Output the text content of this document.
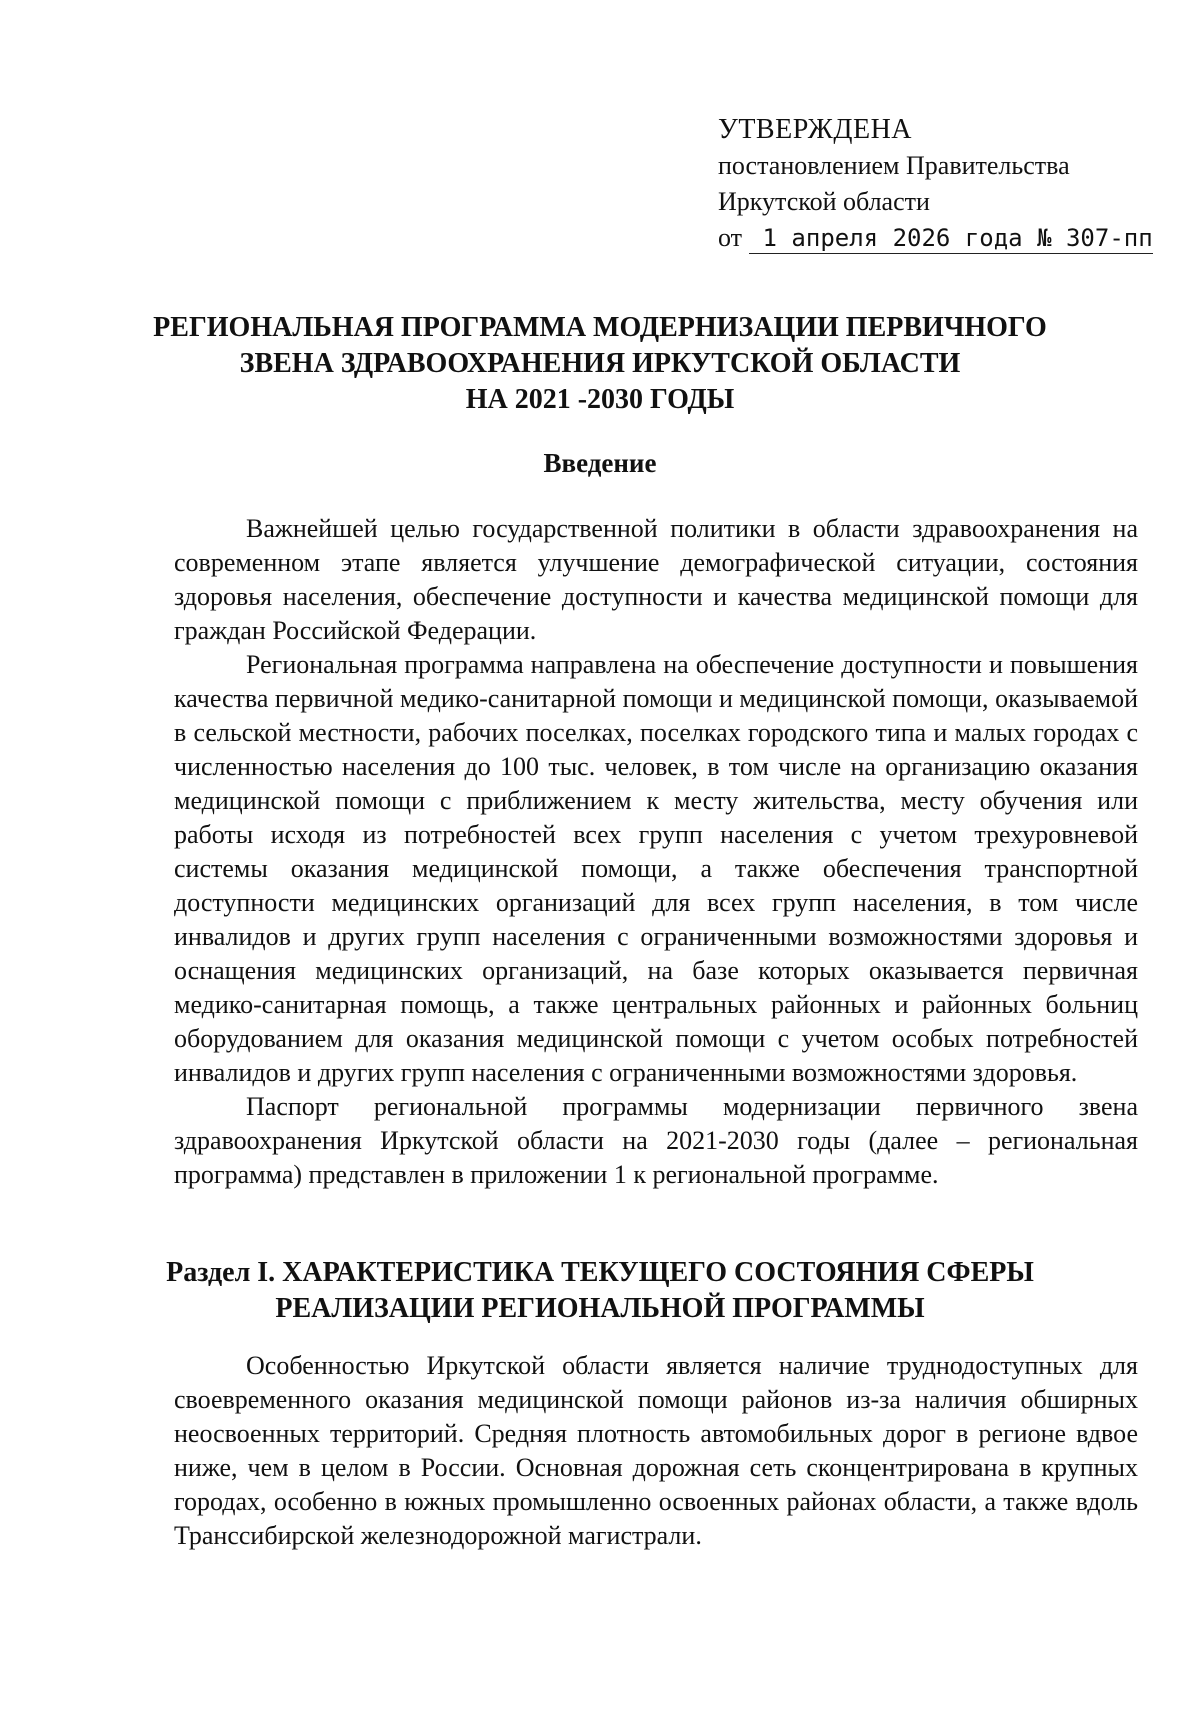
УТВЕРЖДЕНА
постановлением Правительства
Иркутской области
от 1 апреля 2026 года № 307-пп
РЕГИОНАЛЬНАЯ ПРОГРАММА МОДЕРНИЗАЦИИ ПЕРВИЧНОГО
ЗВЕНА ЗДРАВООХРАНЕНИЯ ИРКУТСКОЙ ОБЛАСТИ
НА 2021 -2030 ГОДЫ
Введение

Важнейшей целью государственной политики в области здравоохранения на современном этапе является улучшение демографической ситуации, состояния здоровья населения, обеспечение доступности и качества медицинской помощи для граждан Российской Федерации.

Региональная программа направлена на обеспечение доступности и повышения качества первичной медико-санитарной помощи и медицинской помощи, оказываемой в сельской местности, рабочих поселках, поселках городского типа и малых городах с численностью населения до 100 тыс. человек, в том числе на организацию оказания медицинской помощи с приближением к месту жительства, месту обучения или работы исходя из потребностей всех групп населения с учетом трехуровневой системы оказания медицинской помощи, а также обеспечения транспортной доступности медицинских организаций для всех групп населения, в том числе инвалидов и других групп населения с ограниченными возможностями здоровья и оснащения медицинских организаций, на базе которых оказывается первичная медико-санитарная помощь, а также центральных районных и районных больниц оборудованием для оказания медицинской помощи с учетом особых потребностей инвалидов и других групп населения с ограниченными возможностями здоровья.

Паспорт региональной программы модернизации первичного звена здравоохранения Иркутской области на 2021-2030 годы (далее – региональная программа) представлен в приложении 1 к региональной программе.

Раздел I. ХАРАКТЕРИСТИКА ТЕКУЩЕГО СОСТОЯНИЯ СФЕРЫ
РЕАЛИЗАЦИИ РЕГИОНАЛЬНОЙ ПРОГРАММЫ

Особенностью Иркутской области является наличие труднодоступных для своевременного оказания медицинской помощи районов из-за наличия обширных неосвоенных территорий. Средняя плотность автомобильных дорог в регионе вдвое ниже, чем в целом в России. Основная дорожная сеть сконцентрирована в крупных городах, особенно в южных промышленно освоенных районах области, а также вдоль Транссибирской железнодорожной магистрали.
